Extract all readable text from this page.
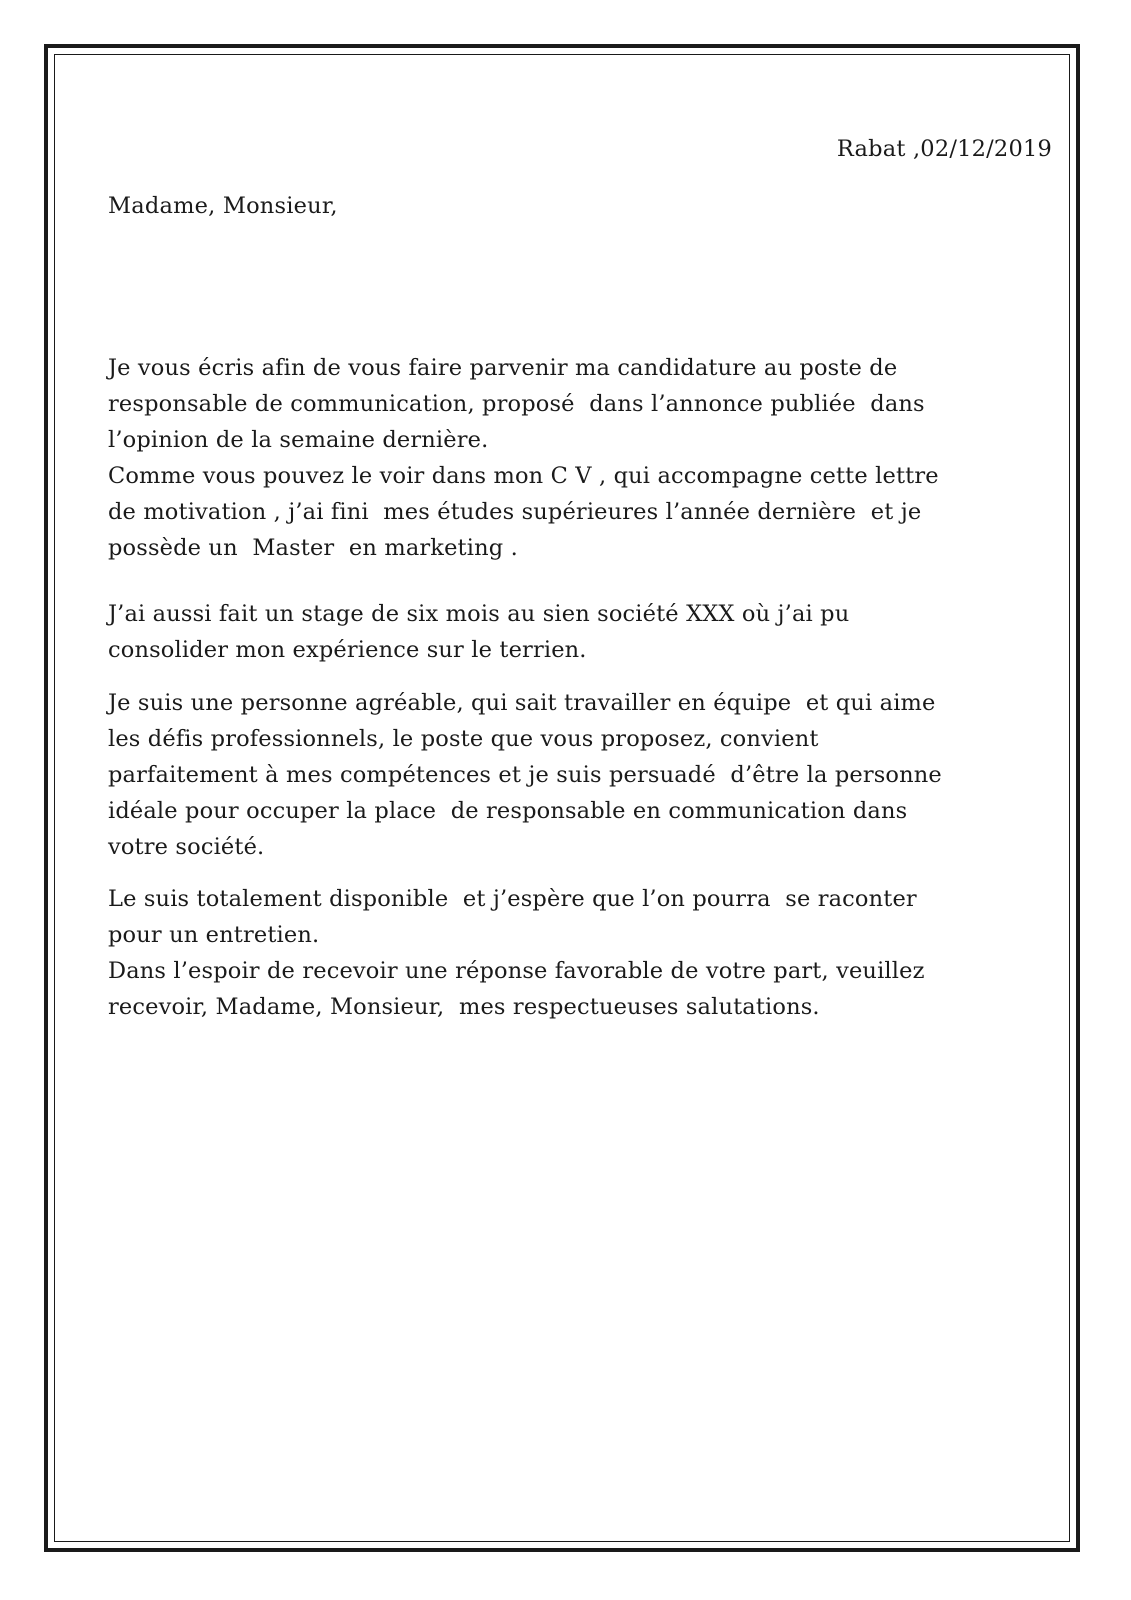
Rabat ,02/12/2019
Madame, Monsieur,

Je vous écris afin de vous faire parvenir ma candidature au poste de
responsable de communication, proposé  dans l’annonce publiée  dans
l’opinion de la semaine dernière.
Comme vous pouvez le voir dans mon C V , qui accompagne cette lettre
de motivation , j’ai fini  mes études supérieures l’année dernière  et je
possède un  Master  en marketing .

J’ai aussi fait un stage de six mois au sien société XXX où j’ai pu
consolider mon expérience sur le terrien.

Je suis une personne agréable, qui sait travailler en équipe  et qui aime
les défis professionnels, le poste que vous proposez, convient
parfaitement à mes compétences et je suis persuadé  d’être la personne
idéale pour occuper la place  de responsable en communication dans
votre société.

Le suis totalement disponible  et j’espère que l’on pourra  se raconter
pour un entretien.
Dans l’espoir de recevoir une réponse favorable de votre part, veuillez
recevoir, Madame, Monsieur,  mes respectueuses salutations.
